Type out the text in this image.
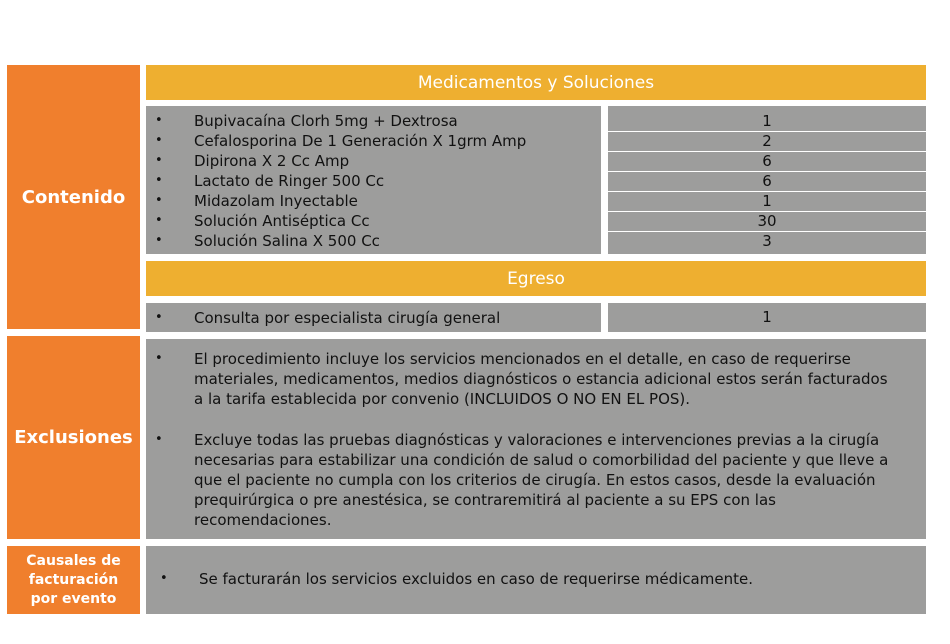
Contenido
Exclusiones
Causales de
facturación
por evento
Medicamentos y Soluciones
• Bupivacaína Clorh 5mg + Dextrosa
• Cefalosporina De 1 Generación X 1grm Amp
• Dipirona X 2 Cc Amp
• Lactato de Ringer 500 Cc
• Midazolam Inyectable
• Solución Antiséptica Cc
• Solución Salina X 500 Cc
1
2
6
6
1
30
3
Egreso
• Consulta por especialista cirugía general	1
• El procedimiento incluye los servicios mencionados en el detalle, en caso de requerirse materiales, medicamentos, medios diagnósticos o estancia adicional estos serán facturados a la tarifa establecida por convenio (INCLUIDOS O NO EN EL POS).
• Excluye todas las pruebas diagnósticas y valoraciones e intervenciones previas a la cirugía necesarias para estabilizar una condición de salud o comorbilidad del paciente y que lleve a que el paciente no cumpla con los criterios de cirugía. En estos casos, desde la evaluación prequirúrgica o pre anestésica, se contraremitirá al paciente a su EPS con las recomendaciones.
• Se facturarán los servicios excluidos en caso de requerirse médicamente.
